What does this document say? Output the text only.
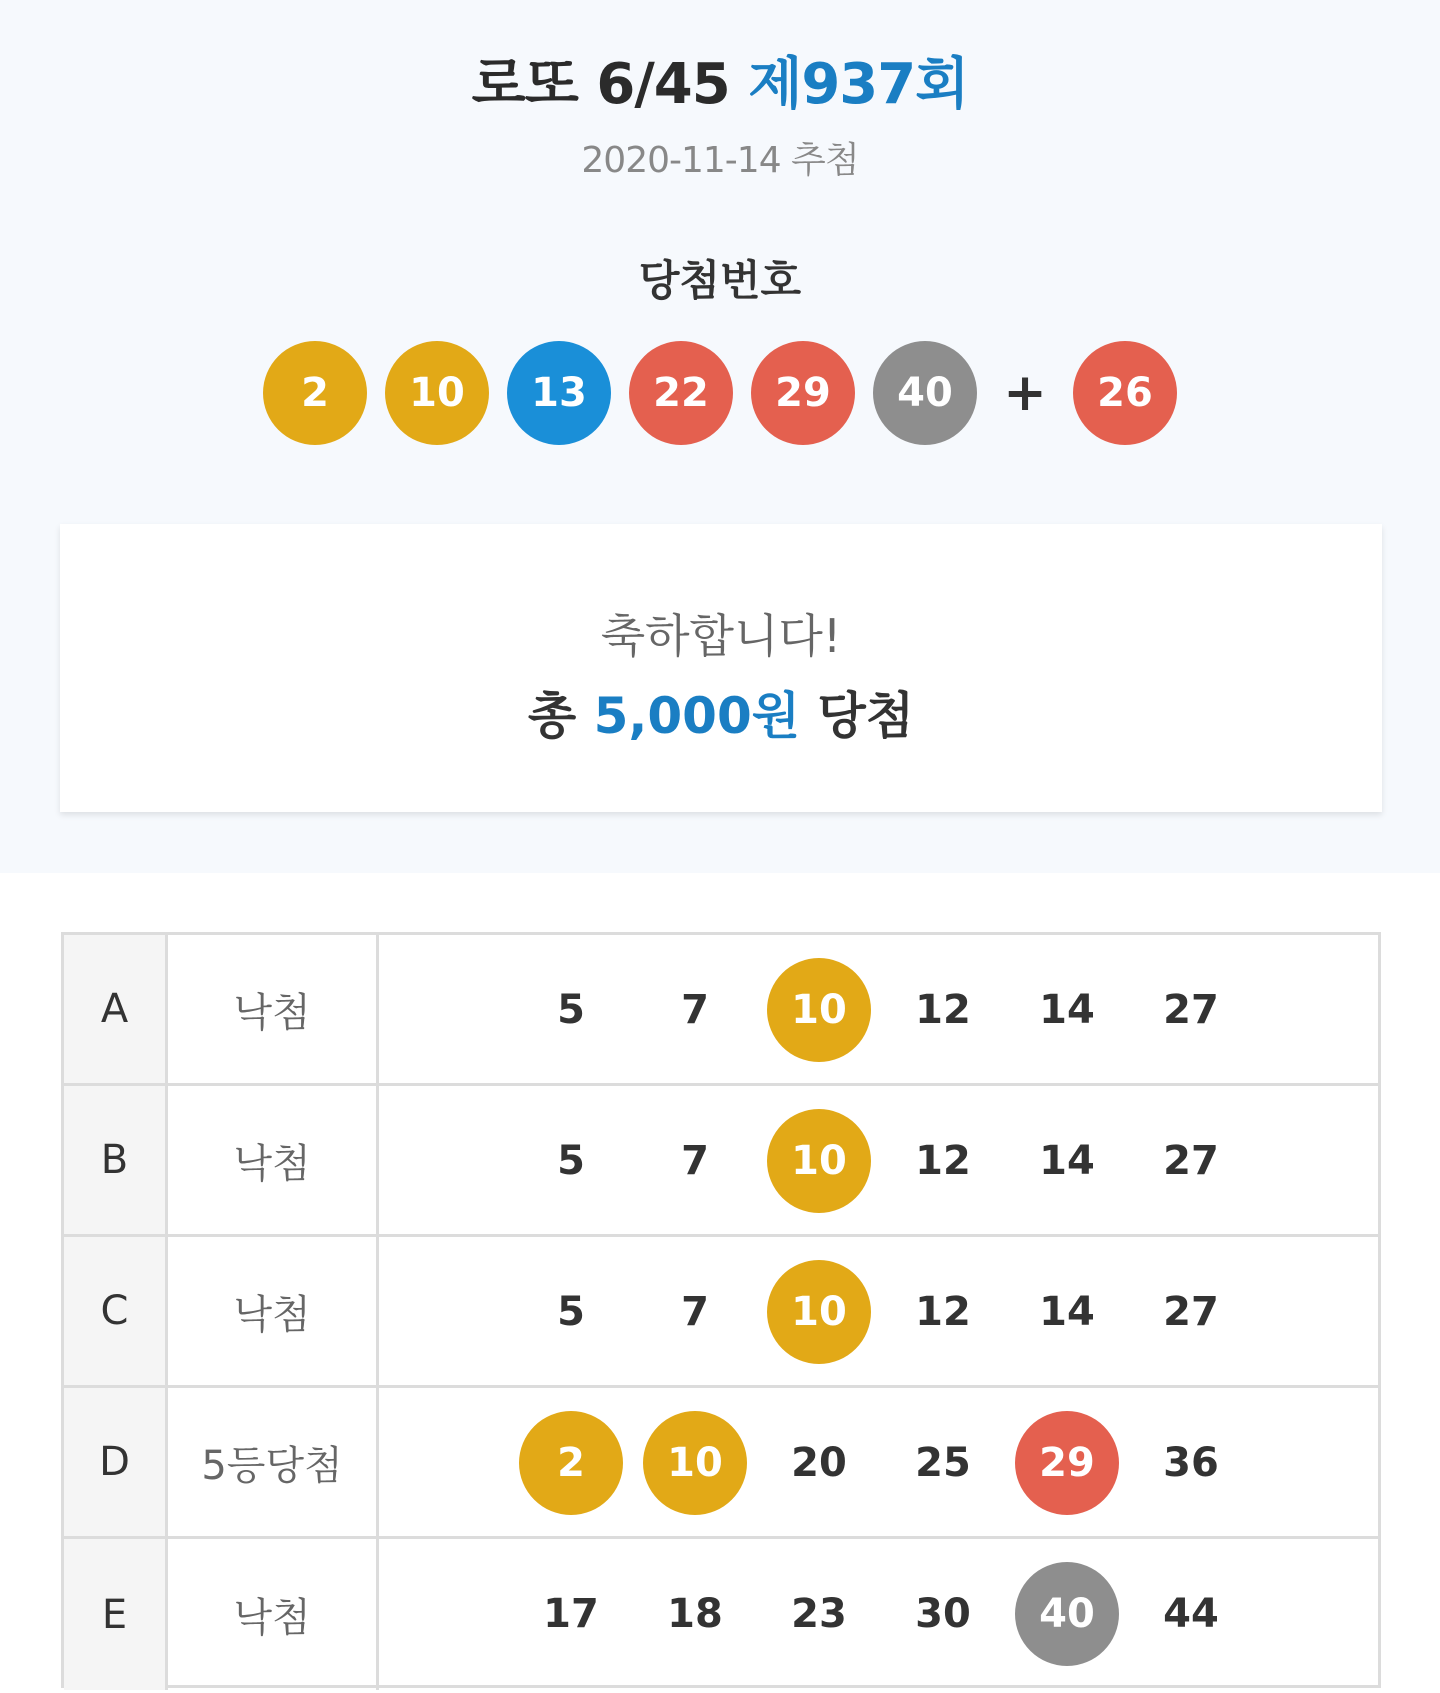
로또 6/45 제937회
2020-11-14 추첨
당첨번호
2 10 13 22 29 40 + 26
축하합니다!
총 5,000원 당첨
A	낙첨	5	7	10	12	14	27
B	낙첨	5	7	10	12	14	27
C	낙첨	5	7	10	12	14	27
D	5등당첨	2	10	20	25	29	36
E	낙첨	17	18	23	30	40	44
